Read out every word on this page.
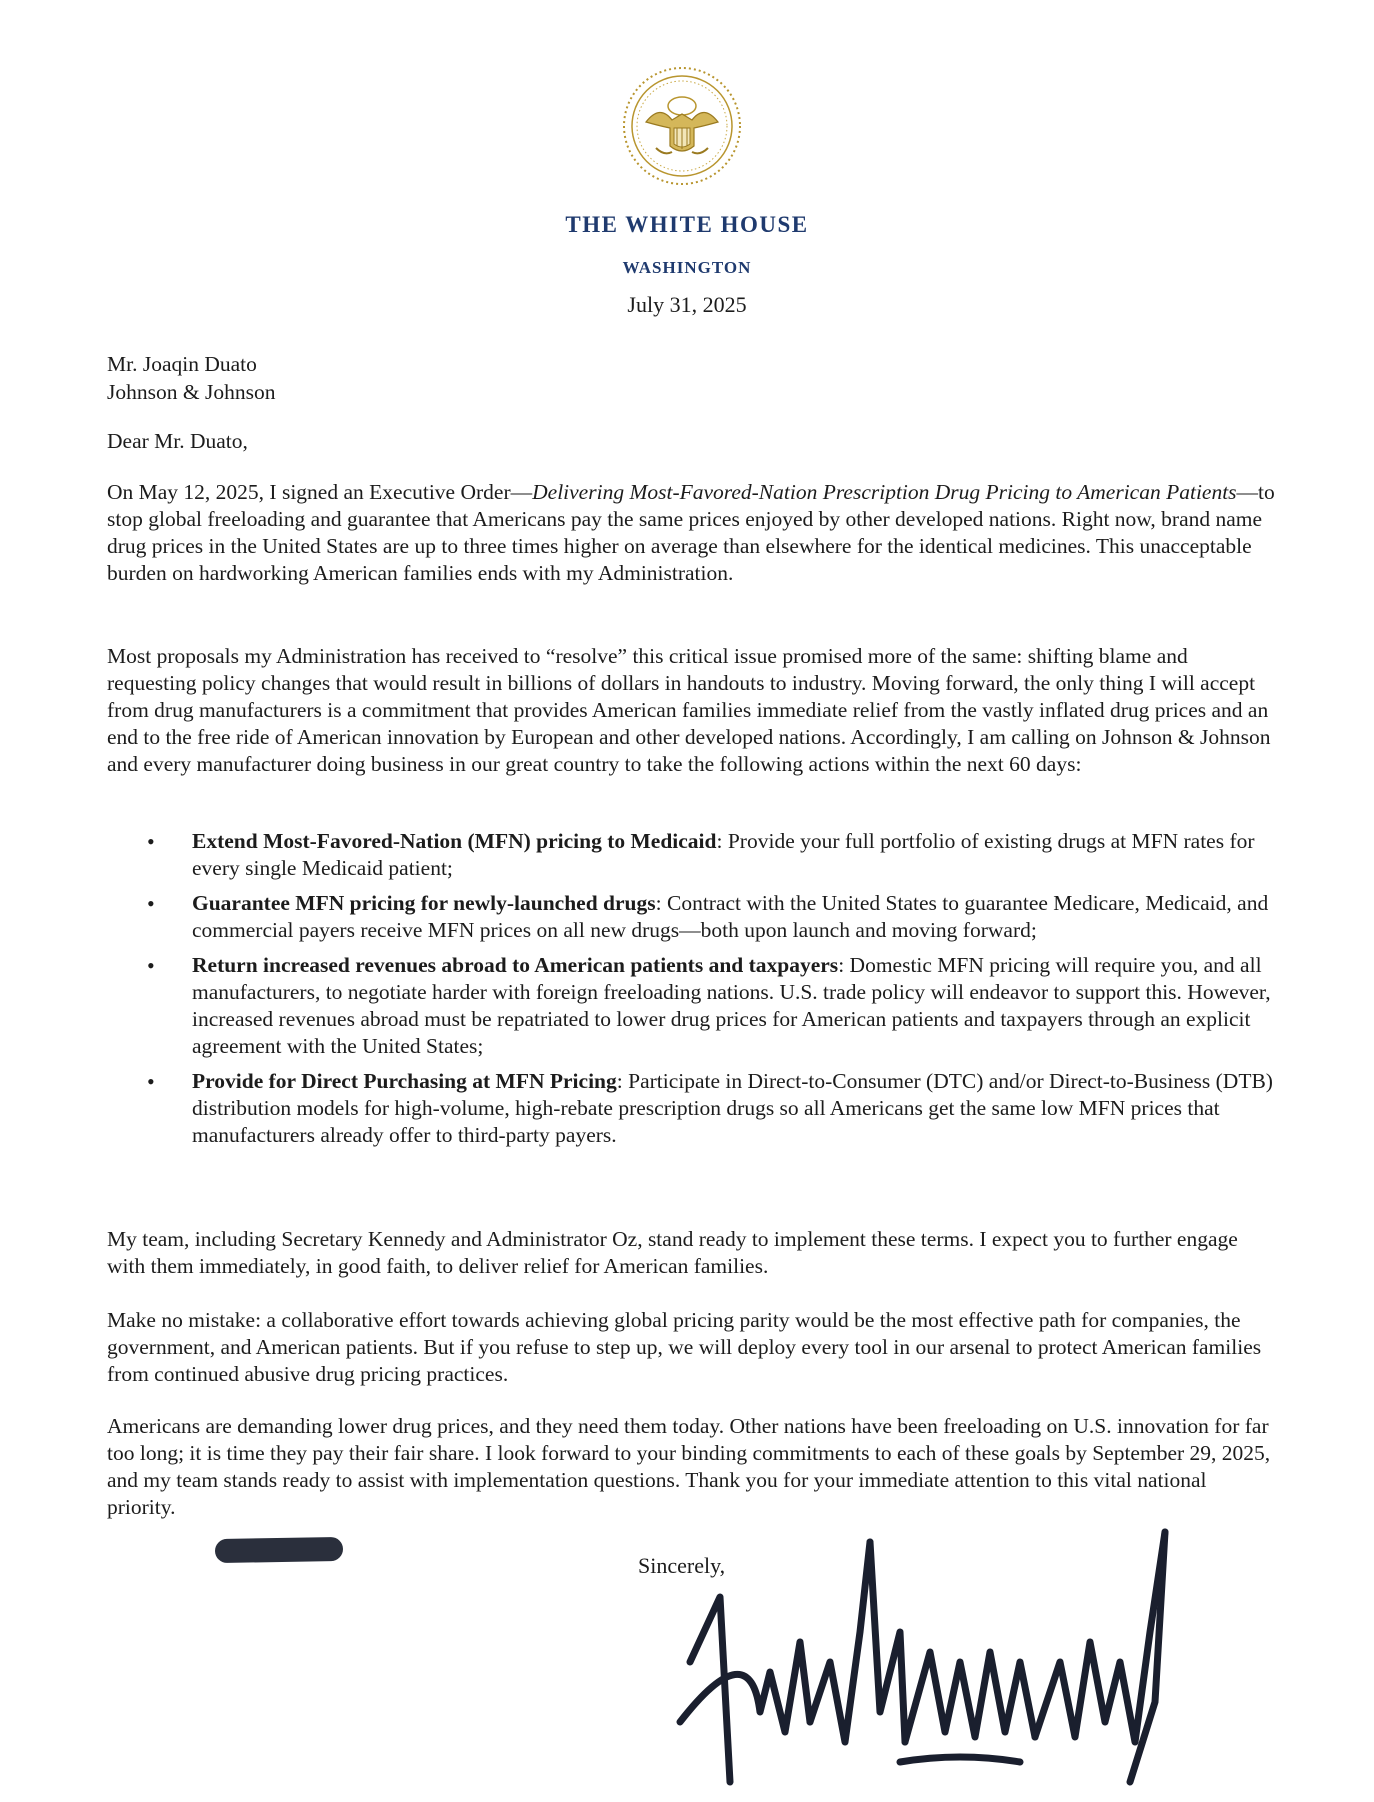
THE WHITE HOUSE
WASHINGTON
July 31, 2025
Mr. Joaqin Duato
Johnson & Johnson
Dear Mr. Duato,
On May 12, 2025, I signed an Executive Order—Delivering Most-Favored-Nation Prescription Drug Pricing to American Patients—to stop global freeloading and guarantee that Americans pay the same prices enjoyed by other developed nations. Right now, brand name drug prices in the United States are up to three times higher on average than elsewhere for the identical medicines. This unacceptable burden on hardworking American families ends with my Administration.
Most proposals my Administration has received to “resolve” this critical issue promised more of the same: shifting blame and requesting policy changes that would result in billions of dollars in handouts to industry. Moving forward, the only thing I will accept from drug manufacturers is a commitment that provides American families immediate relief from the vastly inflated drug prices and an end to the free ride of American innovation by European and other developed nations. Accordingly, I am calling on Johnson & Johnson and every manufacturer doing business in our great country to take the following actions within the next 60 days:
• Extend Most-Favored-Nation (MFN) pricing to Medicaid: Provide your full portfolio of existing drugs at MFN rates for every single Medicaid patient;
• Guarantee MFN pricing for newly-launched drugs: Contract with the United States to guarantee Medicare, Medicaid, and commercial payers receive MFN prices on all new drugs—both upon launch and moving forward;
• Return increased revenues abroad to American patients and taxpayers: Domestic MFN pricing will require you, and all manufacturers, to negotiate harder with foreign freeloading nations. U.S. trade policy will endeavor to support this. However, increased revenues abroad must be repatriated to lower drug prices for American patients and taxpayers through an explicit agreement with the United States;
• Provide for Direct Purchasing at MFN Pricing: Participate in Direct-to-Consumer (DTC) and/or Direct-to-Business (DTB) distribution models for high-volume, high-rebate prescription drugs so all Americans get the same low MFN prices that manufacturers already offer to third-party payers.
My team, including Secretary Kennedy and Administrator Oz, stand ready to implement these terms. I expect you to further engage with them immediately, in good faith, to deliver relief for American families.
Make no mistake: a collaborative effort towards achieving global pricing parity would be the most effective path for companies, the government, and American patients. But if you refuse to step up, we will deploy every tool in our arsenal to protect American families from continued abusive drug pricing practices.
Americans are demanding lower drug prices, and they need them today. Other nations have been freeloading on U.S. innovation for far too long; it is time they pay their fair share. I look forward to your binding commitments to each of these goals by September 29, 2025, and my team stands ready to assist with implementation questions. Thank you for your immediate attention to this vital national priority.
Sincerely,
